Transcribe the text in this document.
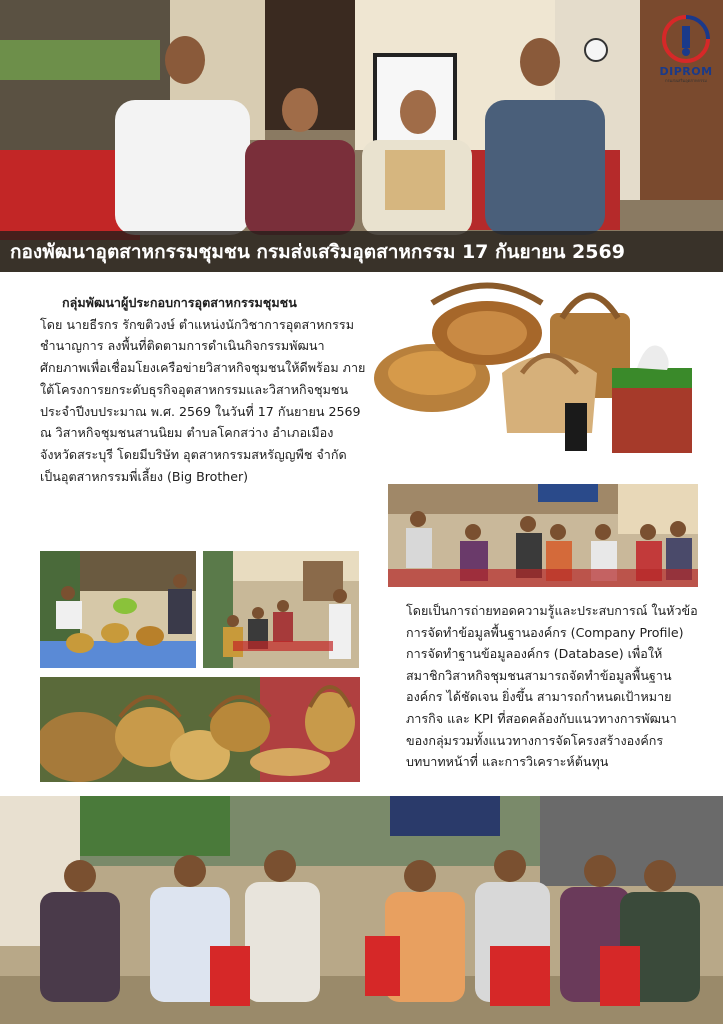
DIPROM
กรมส่งเสริมอุตสาหกรรม
กองพัฒนาอุตสาหกรรมชุมชน กรมส่งเสริมอุตสาหกรรม 17 กันยายน 2569
กลุ่มพัฒนาผู้ประกอบการอุตสาหกรรมชุมชน
โดย นายธีรกร รักขติวงษ์ ตำแหน่งนักวิชาการอุตสาหกรรมชำนาญการ ลงพื้นที่ติดตามการดำเนินกิจกรรมพัฒนาศักยภาพเพื่อเชื่อมโยงเครือข่ายวิสาหกิจชุมชนให้ดีพร้อม ภายใต้โครงการยกระดับธุรกิจอุตสาหกรรมและวิสาหกิจชุมชน ประจำปีงบประมาณ พ.ศ. 2569 ในวันที่ 17 กันยายน 2569 ณ วิสาหกิจชุมชนสานนิยม ตำบลโคกสว่าง อำเภอเมือง จังหวัดสระบุรี โดยมีบริษัท อุตสาหกรรมสหรัญญพืช จำกัด เป็นอุตสาหกรรมพี่เลี้ยง (Big Brother)
โดยเป็นการถ่ายทอดความรู้และประสบการณ์ ในหัวข้อการจัดทำข้อมูลพื้นฐานองค์กร (Company Profile) การจัดทำฐานข้อมูลองค์กร (Database) เพื่อให้สมาชิกวิสาหกิจชุมชนสามารถจัดทำข้อมูลพื้นฐานองค์กร ได้ชัดเจน ยิ่งขึ้น สามารถกำหนดเป้าหมาย ภารกิจ และ KPI ที่สอดคล้องกับแนวทางการพัฒนาของกลุ่มรวมทั้งแนวทางการจัดโครงสร้างองค์กร บทบาทหน้าที่ และการวิเคราะห์ต้นทุน
